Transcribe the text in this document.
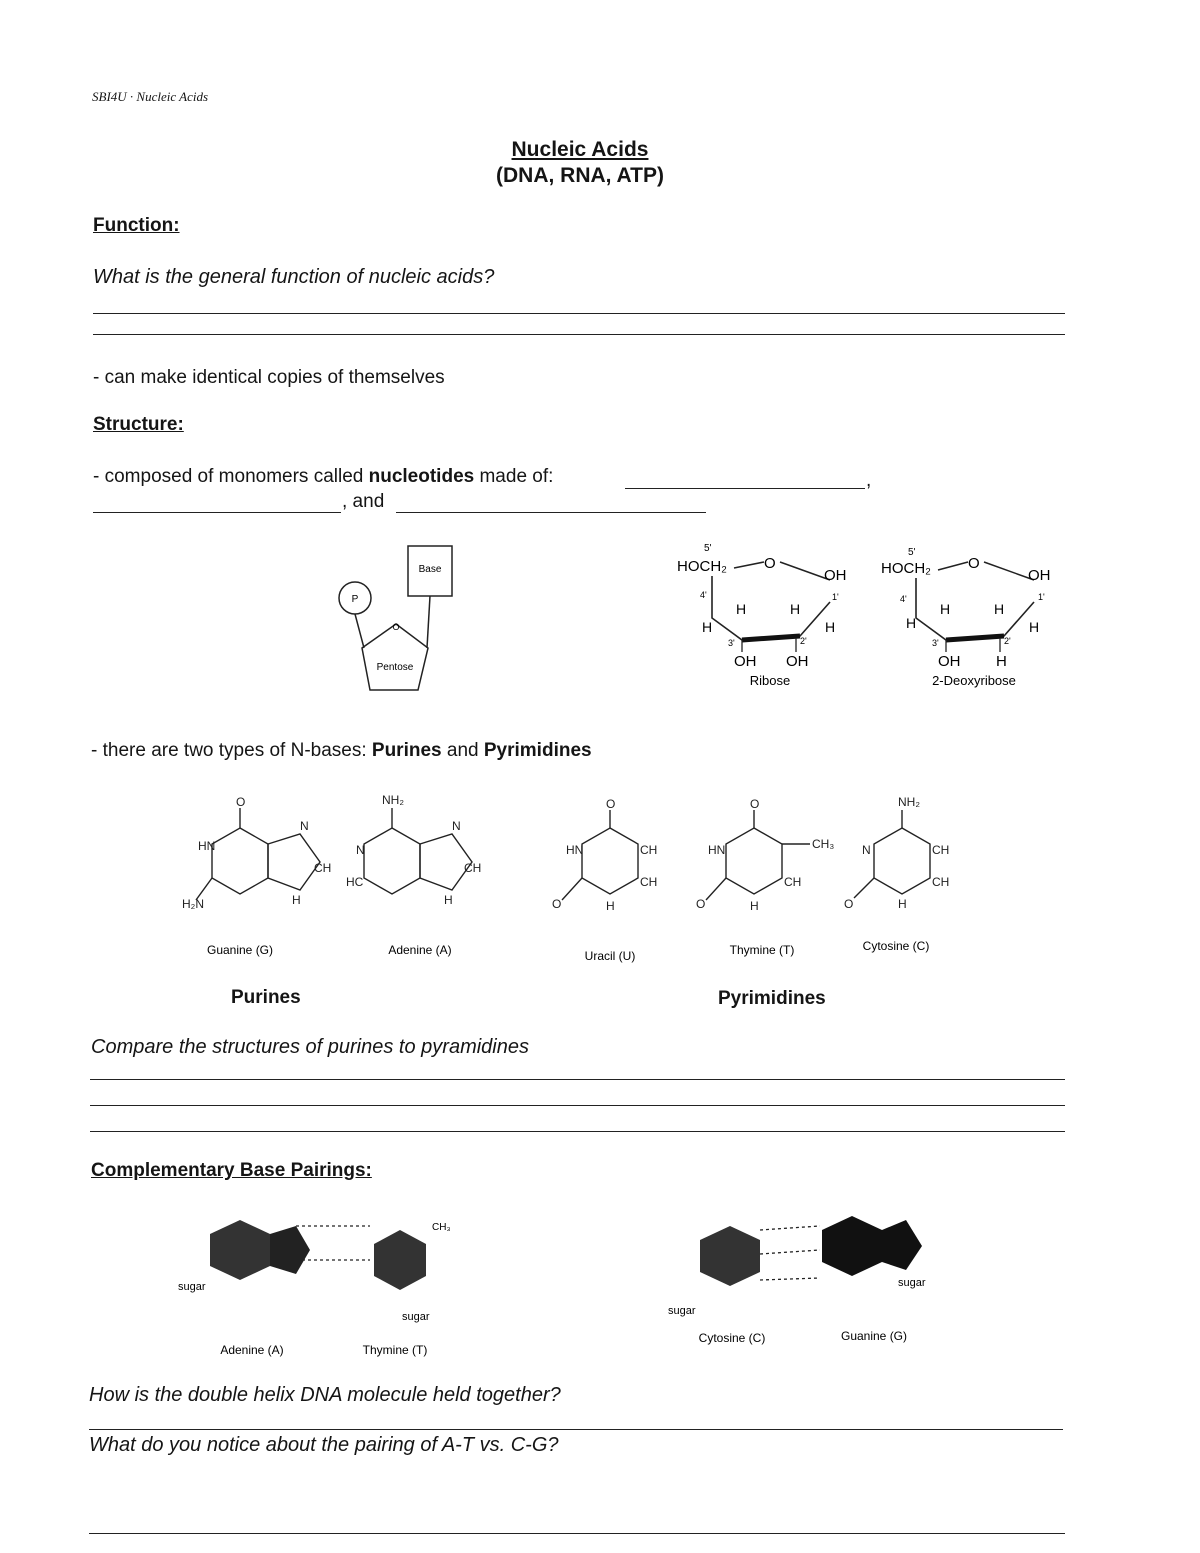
SBI4U · Nucleic Acids
Nucleic Acids
(DNA, RNA, ATP)
Function:
What is the general function of nucleic acids?
- can make identical copies of themselves
Structure:
- composed of monomers called nucleotides made of:	,
, and
Base
P
Pentose
O
5'
HOCH₂ O
OH
4'	1'
H
H	H
H
3'	2'
OH OH
Ribose
5'
HOCH₂ O
OH
4'	1'
H
H	H
H
3'	2'
OH H
2-Deoxyribose
- there are two types of N-bases: Purines and Pyrimidines
O
H₂N
HN
N
CH
H
NH₂
N
HC
N
CH
H
O
HN	CH
CH
O	H
O
HN	CH₃
CH
O	H
NH₂
N	CH
CH
O	H
Guanine (G)	Adenine (A)	Uracil (U)	Thymine (T)	Cytosine (C)
Purines	Pyrimidines
Compare the structures of purines to pyramidines
Complementary Base Pairings:
sugar
sugar
CH₃
Adenine (A)	Thymine (T)
sugar
sugar
Cytosine (C)	Guanine (G)
How is the double helix DNA molecule held together?
What do you notice about the pairing of A-T vs. C-G?
